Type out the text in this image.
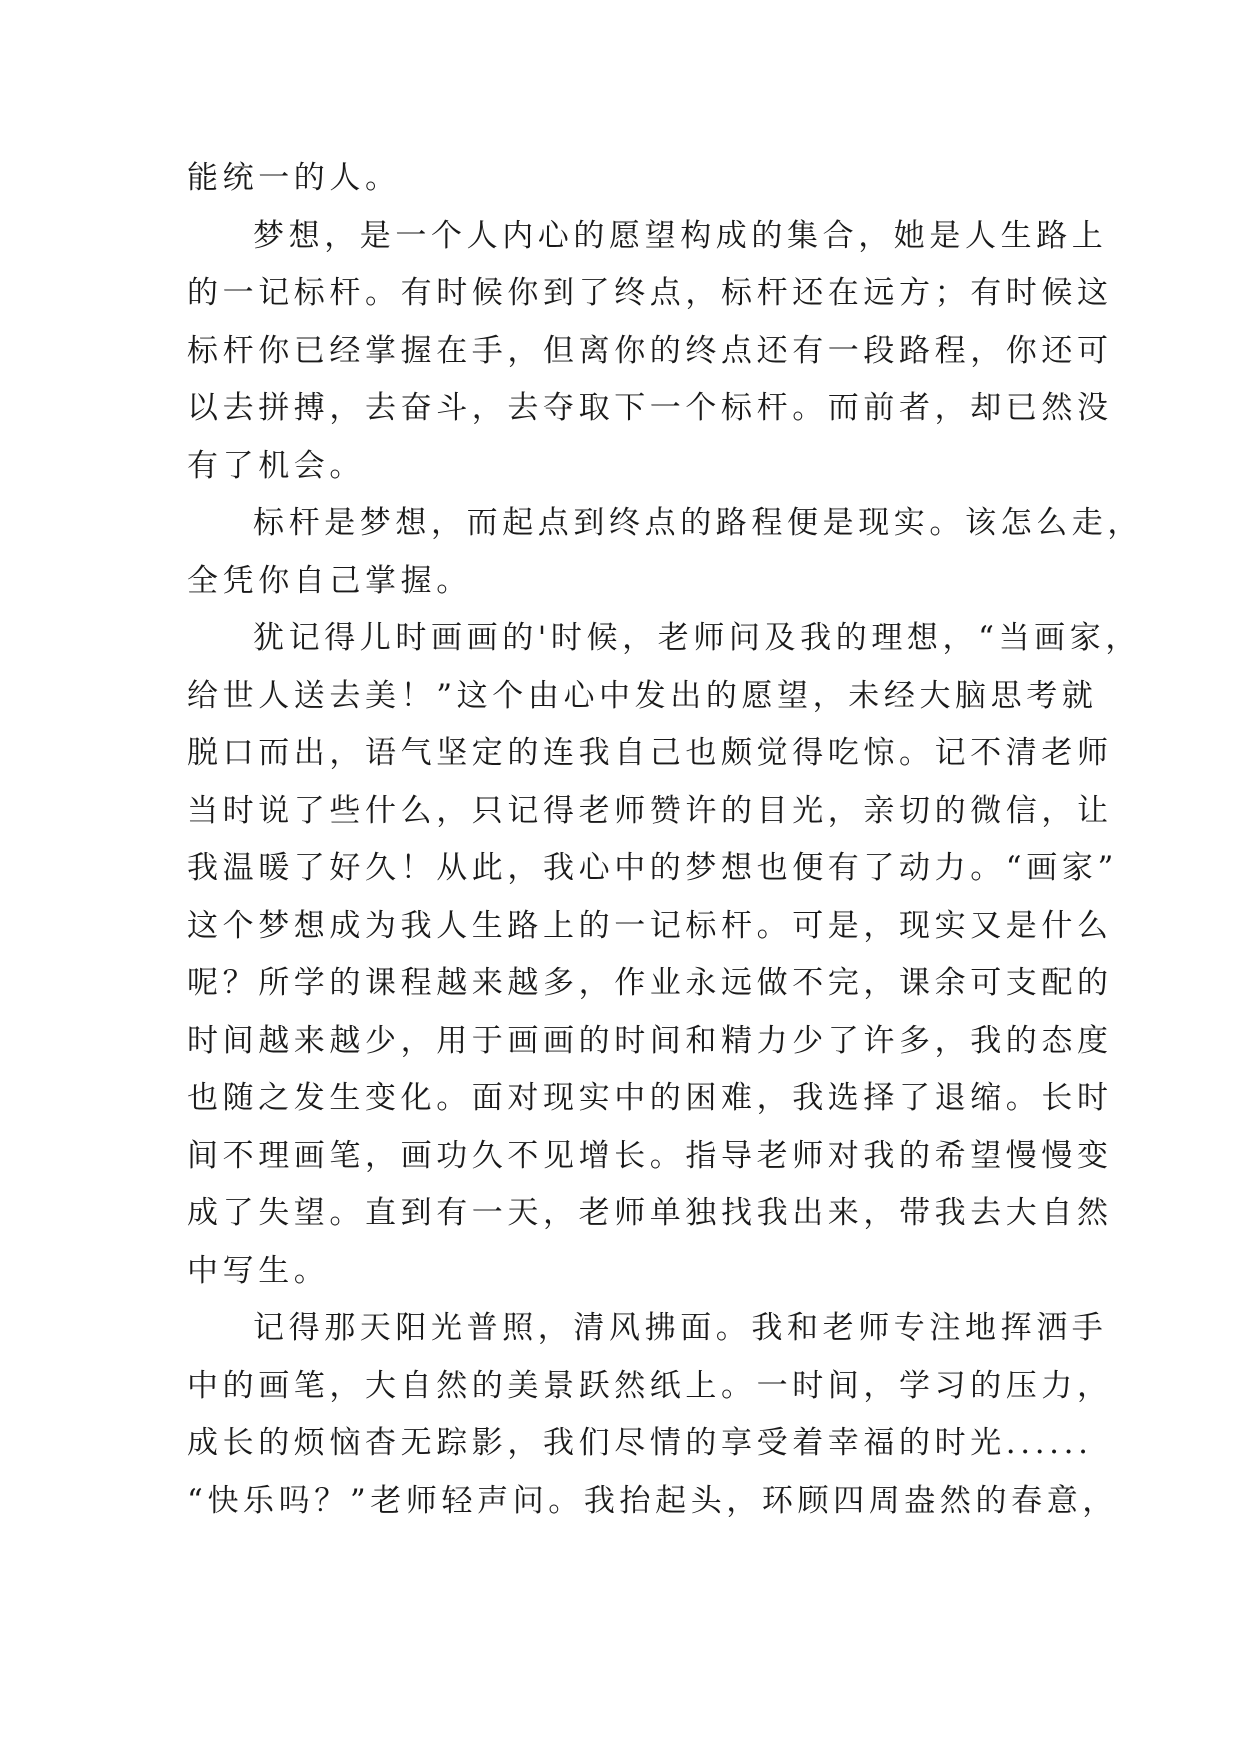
能统一的人。
梦想，是一个人内心的愿望构成的集合，她是人生路上
的一记标杆。有时候你到了终点，标杆还在远方；有时候这
标杆你已经掌握在手，但离你的终点还有一段路程，你还可
以去拼搏，去奋斗，去夺取下一个标杆。而前者，却已然没
有了机会。
标杆是梦想，而起点到终点的路程便是现实。该怎么走，
全凭你自己掌握。
犹记得儿时画画的'时候，老师问及我的理想，“当画家，
给世人送去美！”这个由心中发出的愿望，未经大脑思考就
脱口而出，语气坚定的连我自己也颇觉得吃惊。记不清老师
当时说了些什么，只记得老师赞许的目光，亲切的微信，让
我温暖了好久！从此，我心中的梦想也便有了动力。“画家”
这个梦想成为我人生路上的一记标杆。可是，现实又是什么
呢？所学的课程越来越多，作业永远做不完，课余可支配的
时间越来越少，用于画画的时间和精力少了许多，我的态度
也随之发生变化。面对现实中的困难，我选择了退缩。长时
间不理画笔，画功久不见增长。指导老师对我的希望慢慢变
成了失望。直到有一天，老师单独找我出来，带我去大自然
中写生。
记得那天阳光普照，清风拂面。我和老师专注地挥洒手
中的画笔，大自然的美景跃然纸上。一时间，学习的压力，
成长的烦恼杳无踪影，我们尽情的享受着幸福的时光......
“快乐吗？”老师轻声问。我抬起头，环顾四周盎然的春意，
